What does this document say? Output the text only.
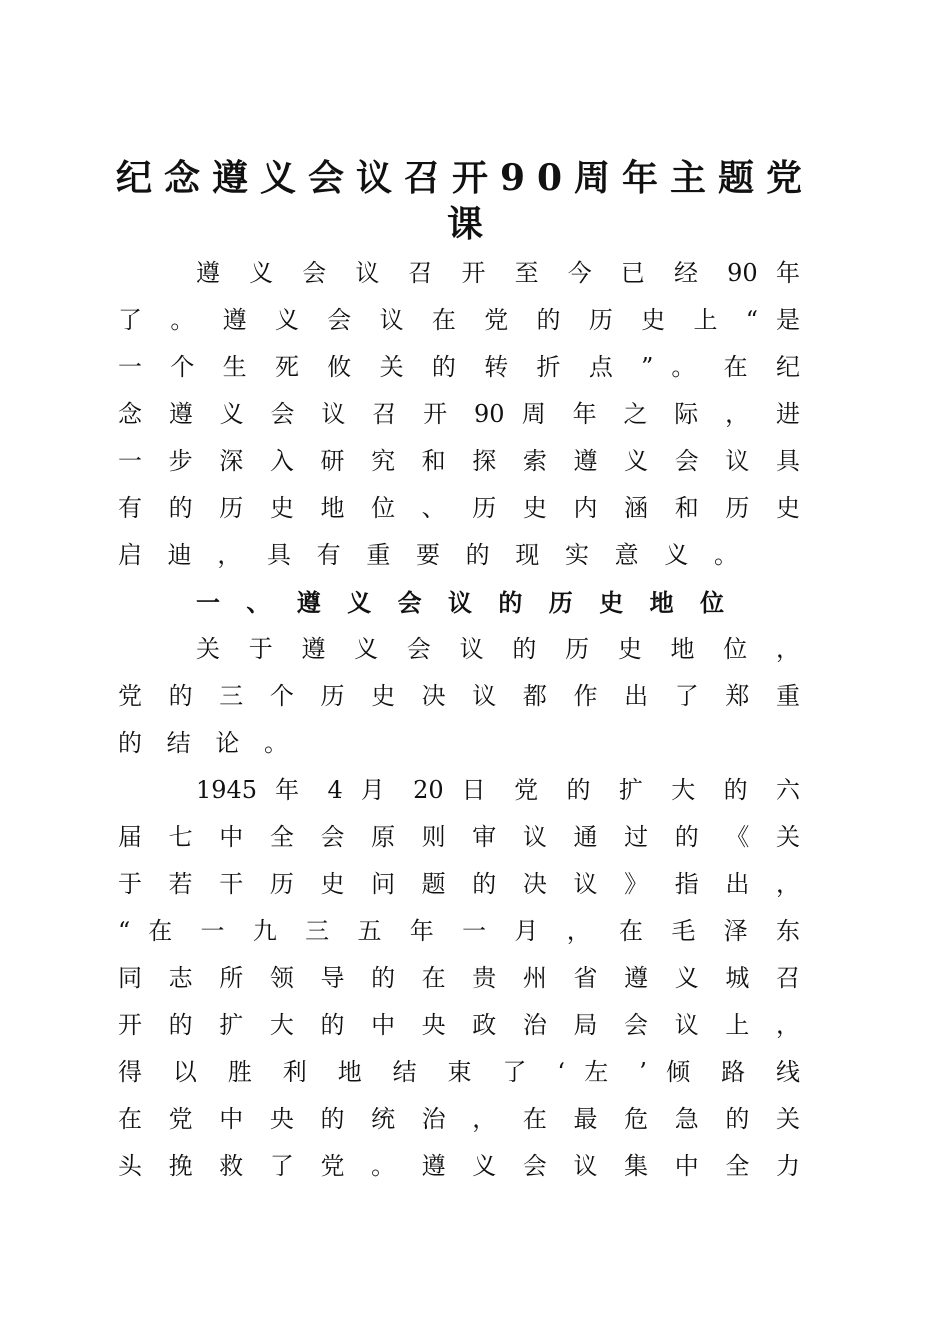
纪念遵义会议召开90周年主题党
课
遵 义 会 议 召 开 至 今 已 经 90 年
了 。 遵 义 会 议 在 党 的 历 史 上 “ 是
一 个 生 死 攸 关 的 转 折 点 ” 。 在 纪
念 遵 义 会 议 召 开 90 周 年 之 际 ， 进
一 步 深 入 研 究 和 探 索 遵 义 会 议 具
有 的 历 史 地 位 、 历 史 内 涵 和 历 史
启 迪 ， 具 有 重 要 的 现 实 意 义 。
一 、 遵 义 会 议 的 历 史 地 位
关 于 遵 义 会 议 的 历 史 地 位 ，
党 的 三 个 历 史 决 议 都 作 出 了 郑 重
的 结 论 。
1945 年 4 月 20 日 党 的 扩 大 的 六
届 七 中 全 会 原 则 审 议 通 过 的 《 关
于 若 干 历 史 问 题 的 决 议 》 指 出 ，
“ 在 一 九 三 五 年 一 月 ， 在 毛 泽 东
同 志 所 领 导 的 在 贵 州 省 遵 义 城 召
开 的 扩 大 的 中 央 政 治 局 会 议 上 ，
得 以 胜 利 地 结 束 了 ‘ 左 ’ 倾 路 线
在 党 中 央 的 统 治 ， 在 最 危 急 的 关
头 挽 救 了 党 。 遵 义 会 议 集 中 全 力
